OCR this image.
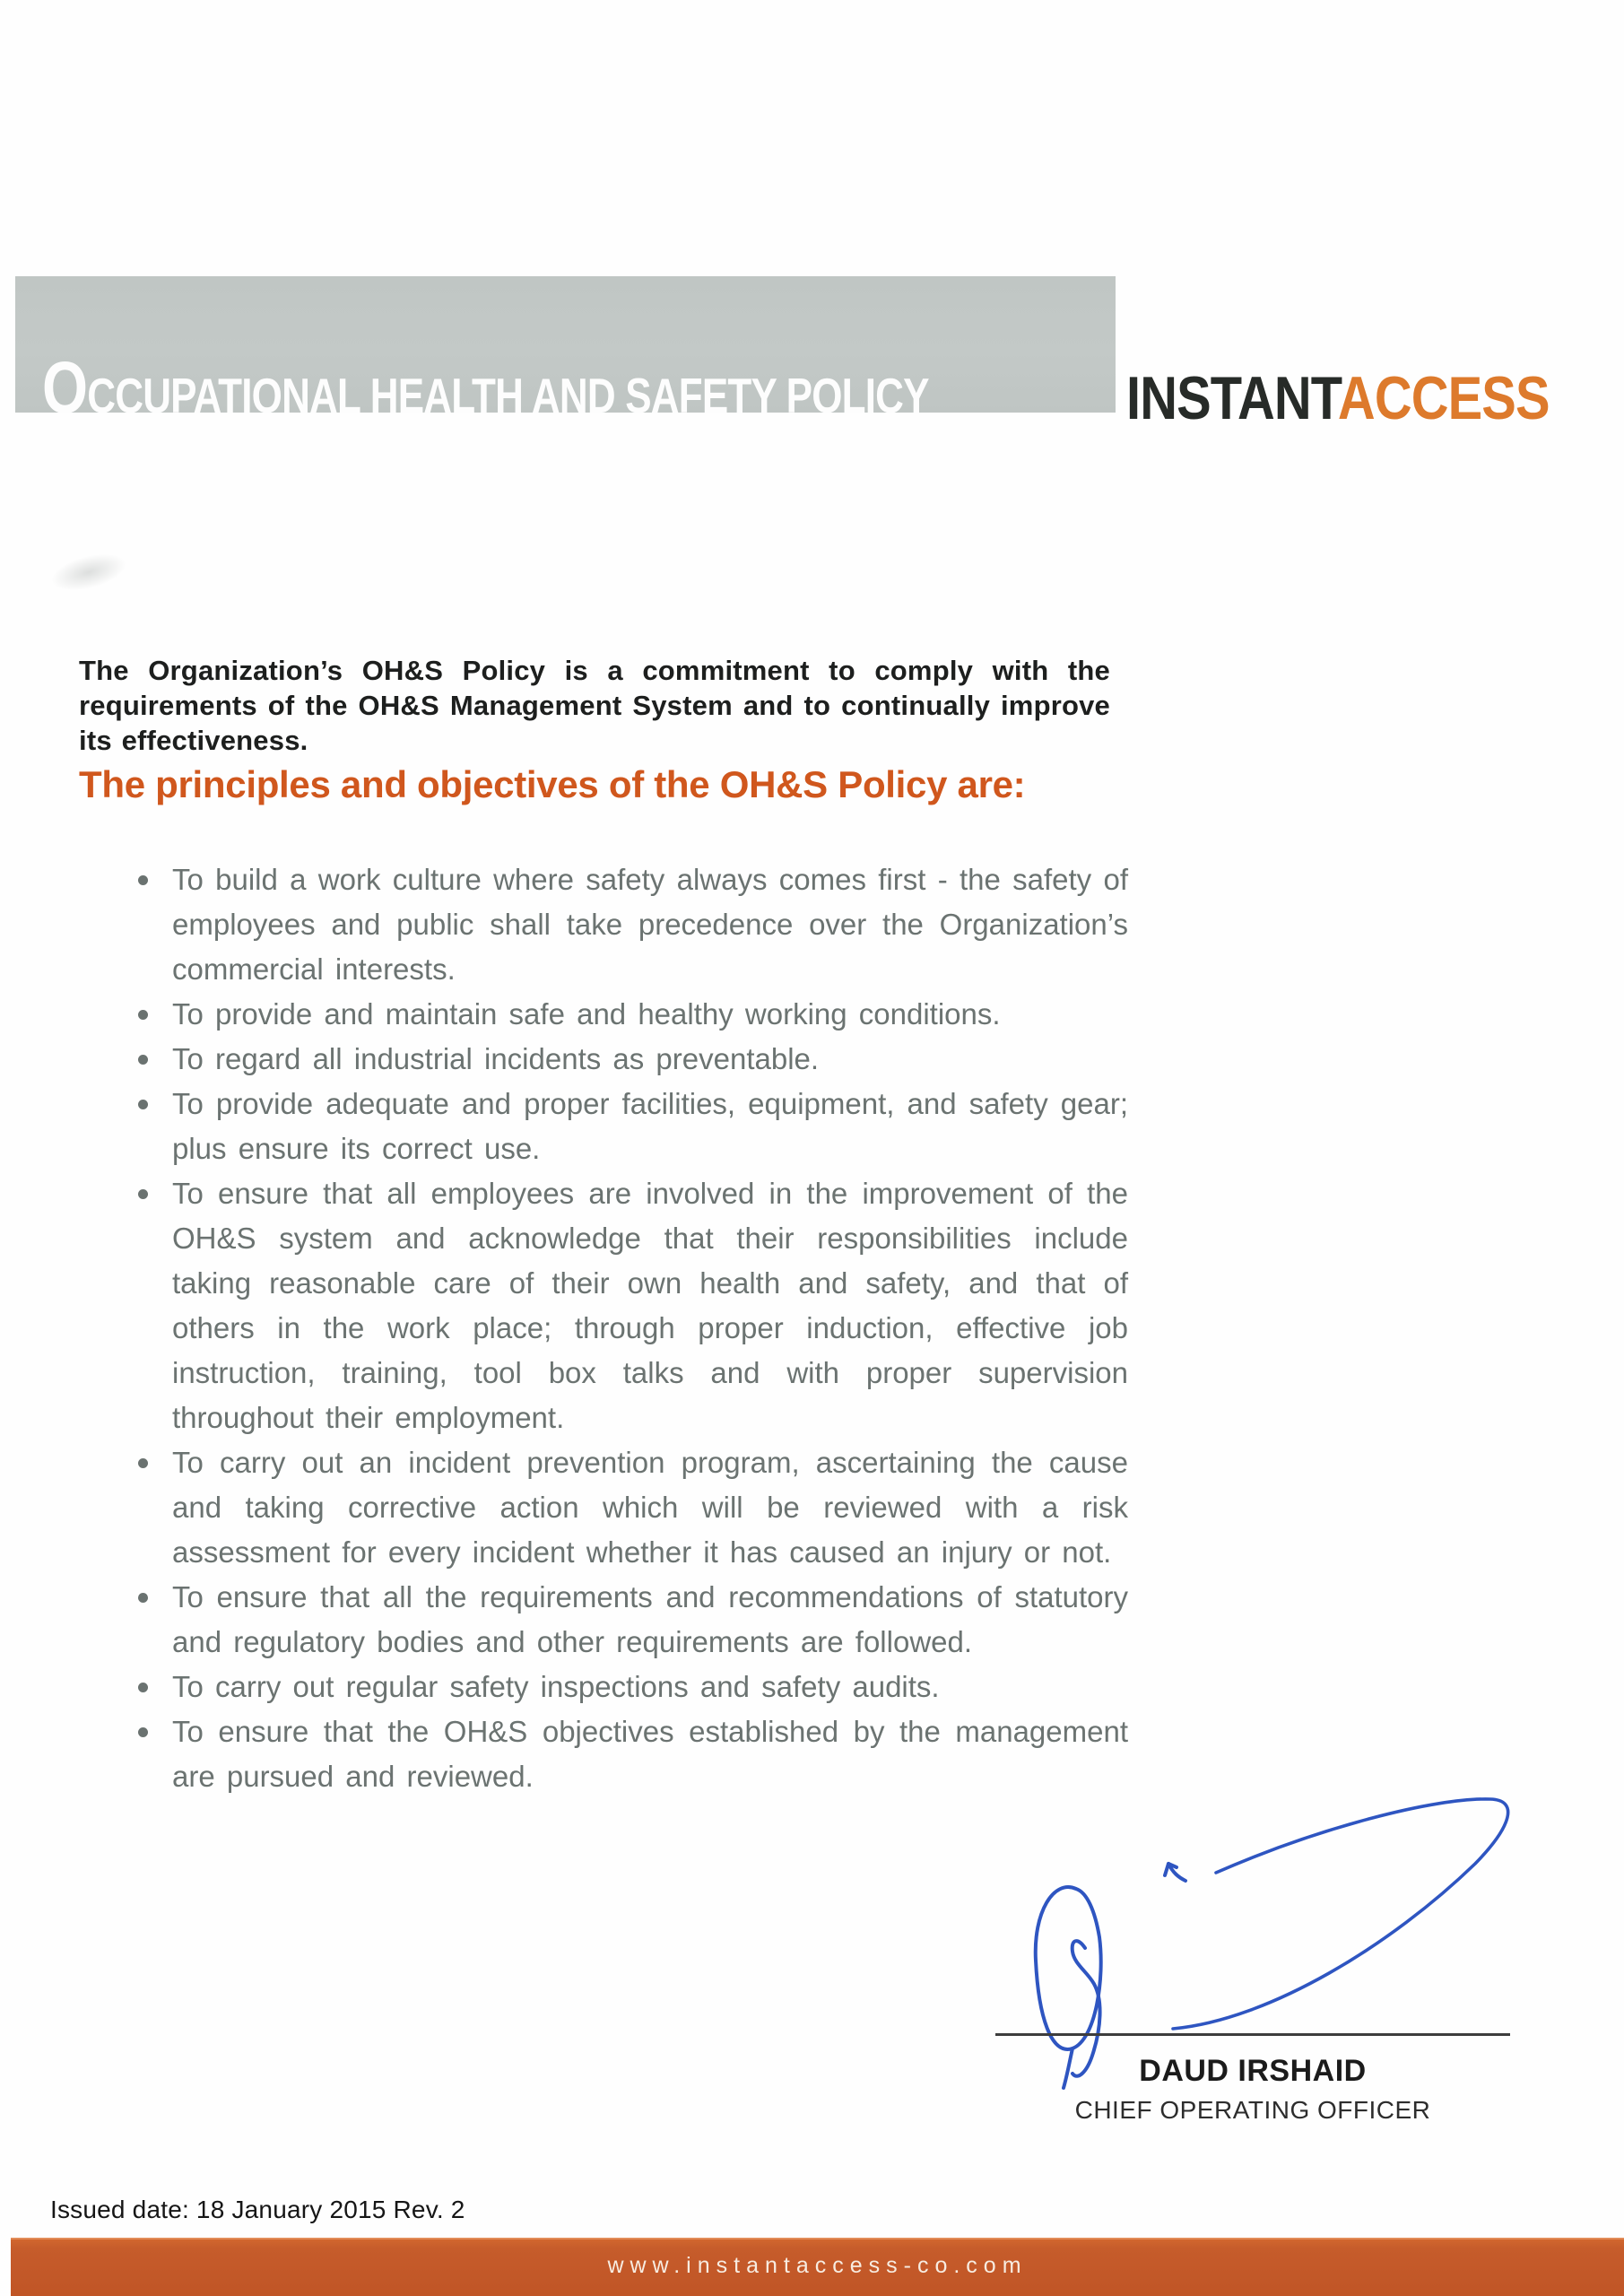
OCCUPATIONAL HEALTH AND SAFETY POLICY	INSTANTACCESS

The Organization’s OH&S Policy is a commitment to comply with the requirements of the OH&S Management System and to continually improve its effectiveness.

The principles and objectives of the OH&S Policy are:
To build a work culture where safety always comes first - the safety of employees and public shall take precedence over the Organization’s commercial interests.
To provide and maintain safe and healthy working conditions.
To regard all industrial incidents as preventable.
To provide adequate and proper facilities, equipment, and safety gear; plus ensure its correct use.
To ensure that all employees are involved in the improvement of the OH&S system and acknowledge that their responsibilities include taking reasonable care of their own health and safety, and that of others in the work place; through proper induction, effective job instruction, training, tool box talks and with proper supervision throughout their employment.
To carry out an incident prevention program, ascertaining the cause and taking corrective action which will be reviewed with a risk assessment for every incident whether it has caused an injury or not.
To ensure that all the requirements and recommendations of statutory and regulatory bodies and other requirements are followed.
To carry out regular safety inspections and safety audits.
To ensure that the OH&S objectives established by the management are pursued and reviewed.
DAUD IRSHAID
CHIEF OPERATING OFFICER
Issued date: 18 January 2015 Rev. 2
www.instantaccess-co.com
